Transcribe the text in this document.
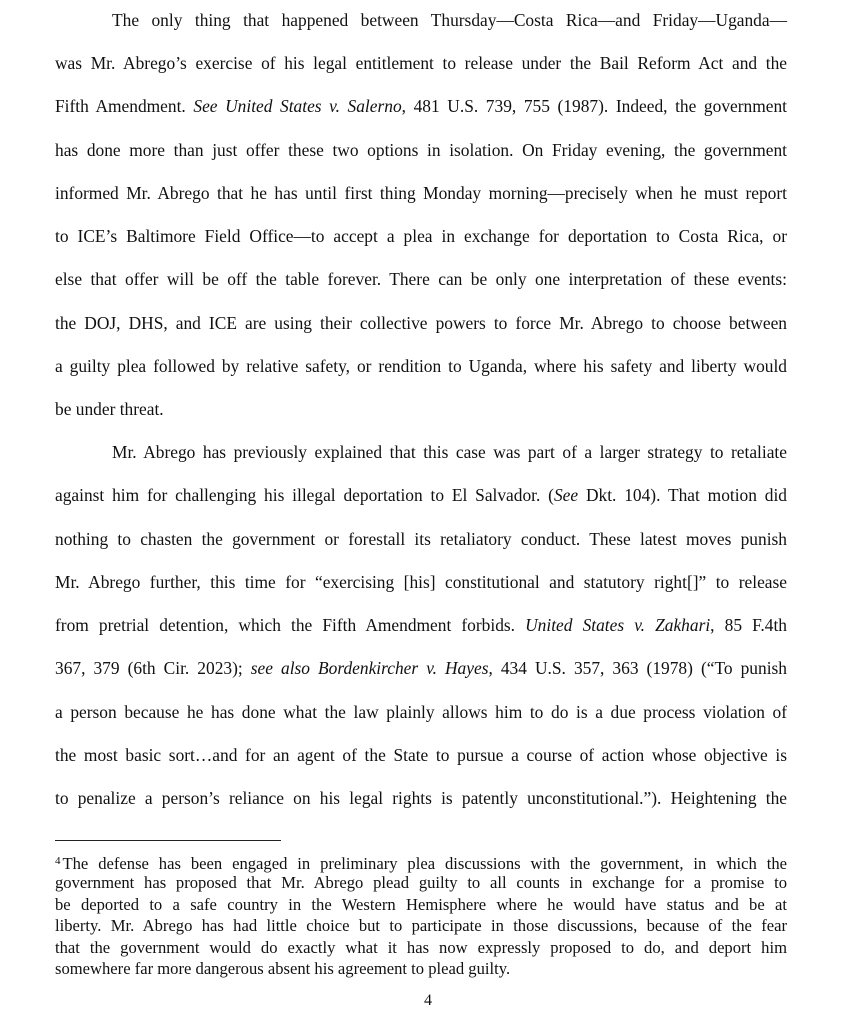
The only thing that happened between Thursday—Costa Rica—and Friday—Uganda—
was Mr. Abrego’s exercise of his legal entitlement to release under the Bail Reform Act and the
Fifth Amendment. See United States v. Salerno, 481 U.S. 739, 755 (1987). Indeed, the government
has done more than just offer these two options in isolation. On Friday evening, the government
informed Mr. Abrego that he has until first thing Monday morning—precisely when he must report
to ICE’s Baltimore Field Office—to accept a plea in exchange for deportation to Costa Rica, or
else that offer will be off the table forever. There can be only one interpretation of these events:
the DOJ, DHS, and ICE are using their collective powers to force Mr. Abrego to choose between
a guilty plea followed by relative safety, or rendition to Uganda, where his safety and liberty would
be under threat.
Mr. Abrego has previously explained that this case was part of a larger strategy to retaliate
against him for challenging his illegal deportation to El Salvador. (See Dkt. 104). That motion did
nothing to chasten the government or forestall its retaliatory conduct. These latest moves punish
Mr. Abrego further, this time for “exercising [his] constitutional and statutory right[]” to release
from pretrial detention, which the Fifth Amendment forbids. United States v. Zakhari, 85 F.4th
367, 379 (6th Cir. 2023); see also Bordenkircher v. Hayes, 434 U.S. 357, 363 (1978) (“To punish
a person because he has done what the law plainly allows him to do is a due process violation of
the most basic sort…and for an agent of the State to pursue a course of action whose objective is
to penalize a person’s reliance on his legal rights is patently unconstitutional.”). Heightening the
$^4$ The defense has been engaged in preliminary plea discussions with the government, in which the
government has proposed that Mr. Abrego plead guilty to all counts in exchange for a promise to
be deported to a safe country in the Western Hemisphere where he would have status and be at
liberty. Mr. Abrego has had little choice but to participate in those discussions, because of the fear
that the government would do exactly what it has now expressly proposed to do, and deport him
somewhere far more dangerous absent his agreement to plead guilty.
4
